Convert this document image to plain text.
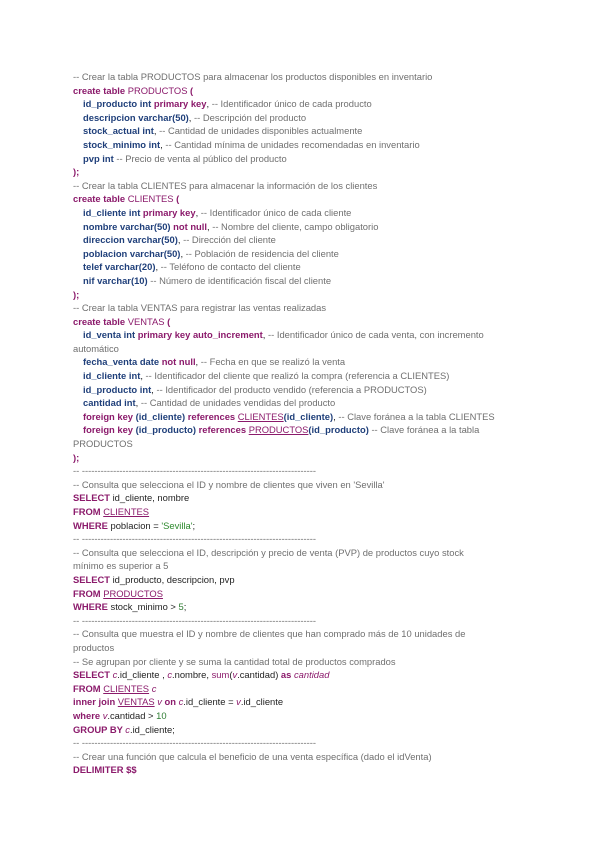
-- Crear la tabla PRODUCTOS para almacenar los productos disponibles en inventario
create table PRODUCTOS (
id_producto int primary key, -- Identificador único de cada producto
descripcion varchar(50), -- Descripción del producto
stock_actual int, -- Cantidad de unidades disponibles actualmente
stock_minimo int, -- Cantidad mínima de unidades recomendadas en inventario
pvp int -- Precio de venta al público del producto
);
-- Crear la tabla CLIENTES para almacenar la información de los clientes
create table CLIENTES (
id_cliente int primary key, -- Identificador único de cada cliente
nombre varchar(50) not null, -- Nombre del cliente, campo obligatorio
direccion varchar(50), -- Dirección del cliente
poblacion varchar(50), -- Población de residencia del cliente
telef varchar(20), -- Teléfono de contacto del cliente
nif varchar(10) -- Número de identificación fiscal del cliente
);
-- Crear la tabla VENTAS para registrar las ventas realizadas
create table VENTAS (
id_venta int primary key auto_increment, -- Identificador único de cada venta, con incremento
automático
fecha_venta date not null, -- Fecha en que se realizó la venta
id_cliente int, -- Identificador del cliente que realizó la compra (referencia a CLIENTES)
id_producto int, -- Identificador del producto vendido (referencia a PRODUCTOS)
cantidad int, -- Cantidad de unidades vendidas del producto
foreign key (id_cliente) references CLIENTES(id_cliente), -- Clave foránea a la tabla CLIENTES
foreign key (id_producto) references PRODUCTOS(id_producto) -- Clave foránea a la tabla
PRODUCTOS
);
-- ---------------------------------------------------------------------------
-- Consulta que selecciona el ID y nombre de clientes que viven en 'Sevilla'
SELECT id_cliente, nombre
FROM CLIENTES
WHERE poblacion = 'Sevilla';
-- ---------------------------------------------------------------------------
-- Consulta que selecciona el ID, descripción y precio de venta (PVP) de productos cuyo stock
mínimo es superior a 5
SELECT id_producto, descripcion, pvp
FROM PRODUCTOS
WHERE stock_minimo > 5;
-- ---------------------------------------------------------------------------
-- Consulta que muestra el ID y nombre de clientes que han comprado más de 10 unidades de
productos
-- Se agrupan por cliente y se suma la cantidad total de productos comprados
SELECT c.id_cliente , c.nombre, sum(v.cantidad) as cantidad
FROM CLIENTES c
inner join VENTAS v on c.id_cliente = v.id_cliente
where v.cantidad > 10
GROUP BY c.id_cliente;
-- ---------------------------------------------------------------------------
-- Crear una función que calcula el beneficio de una venta específica (dado el idVenta)
DELIMITER $$
